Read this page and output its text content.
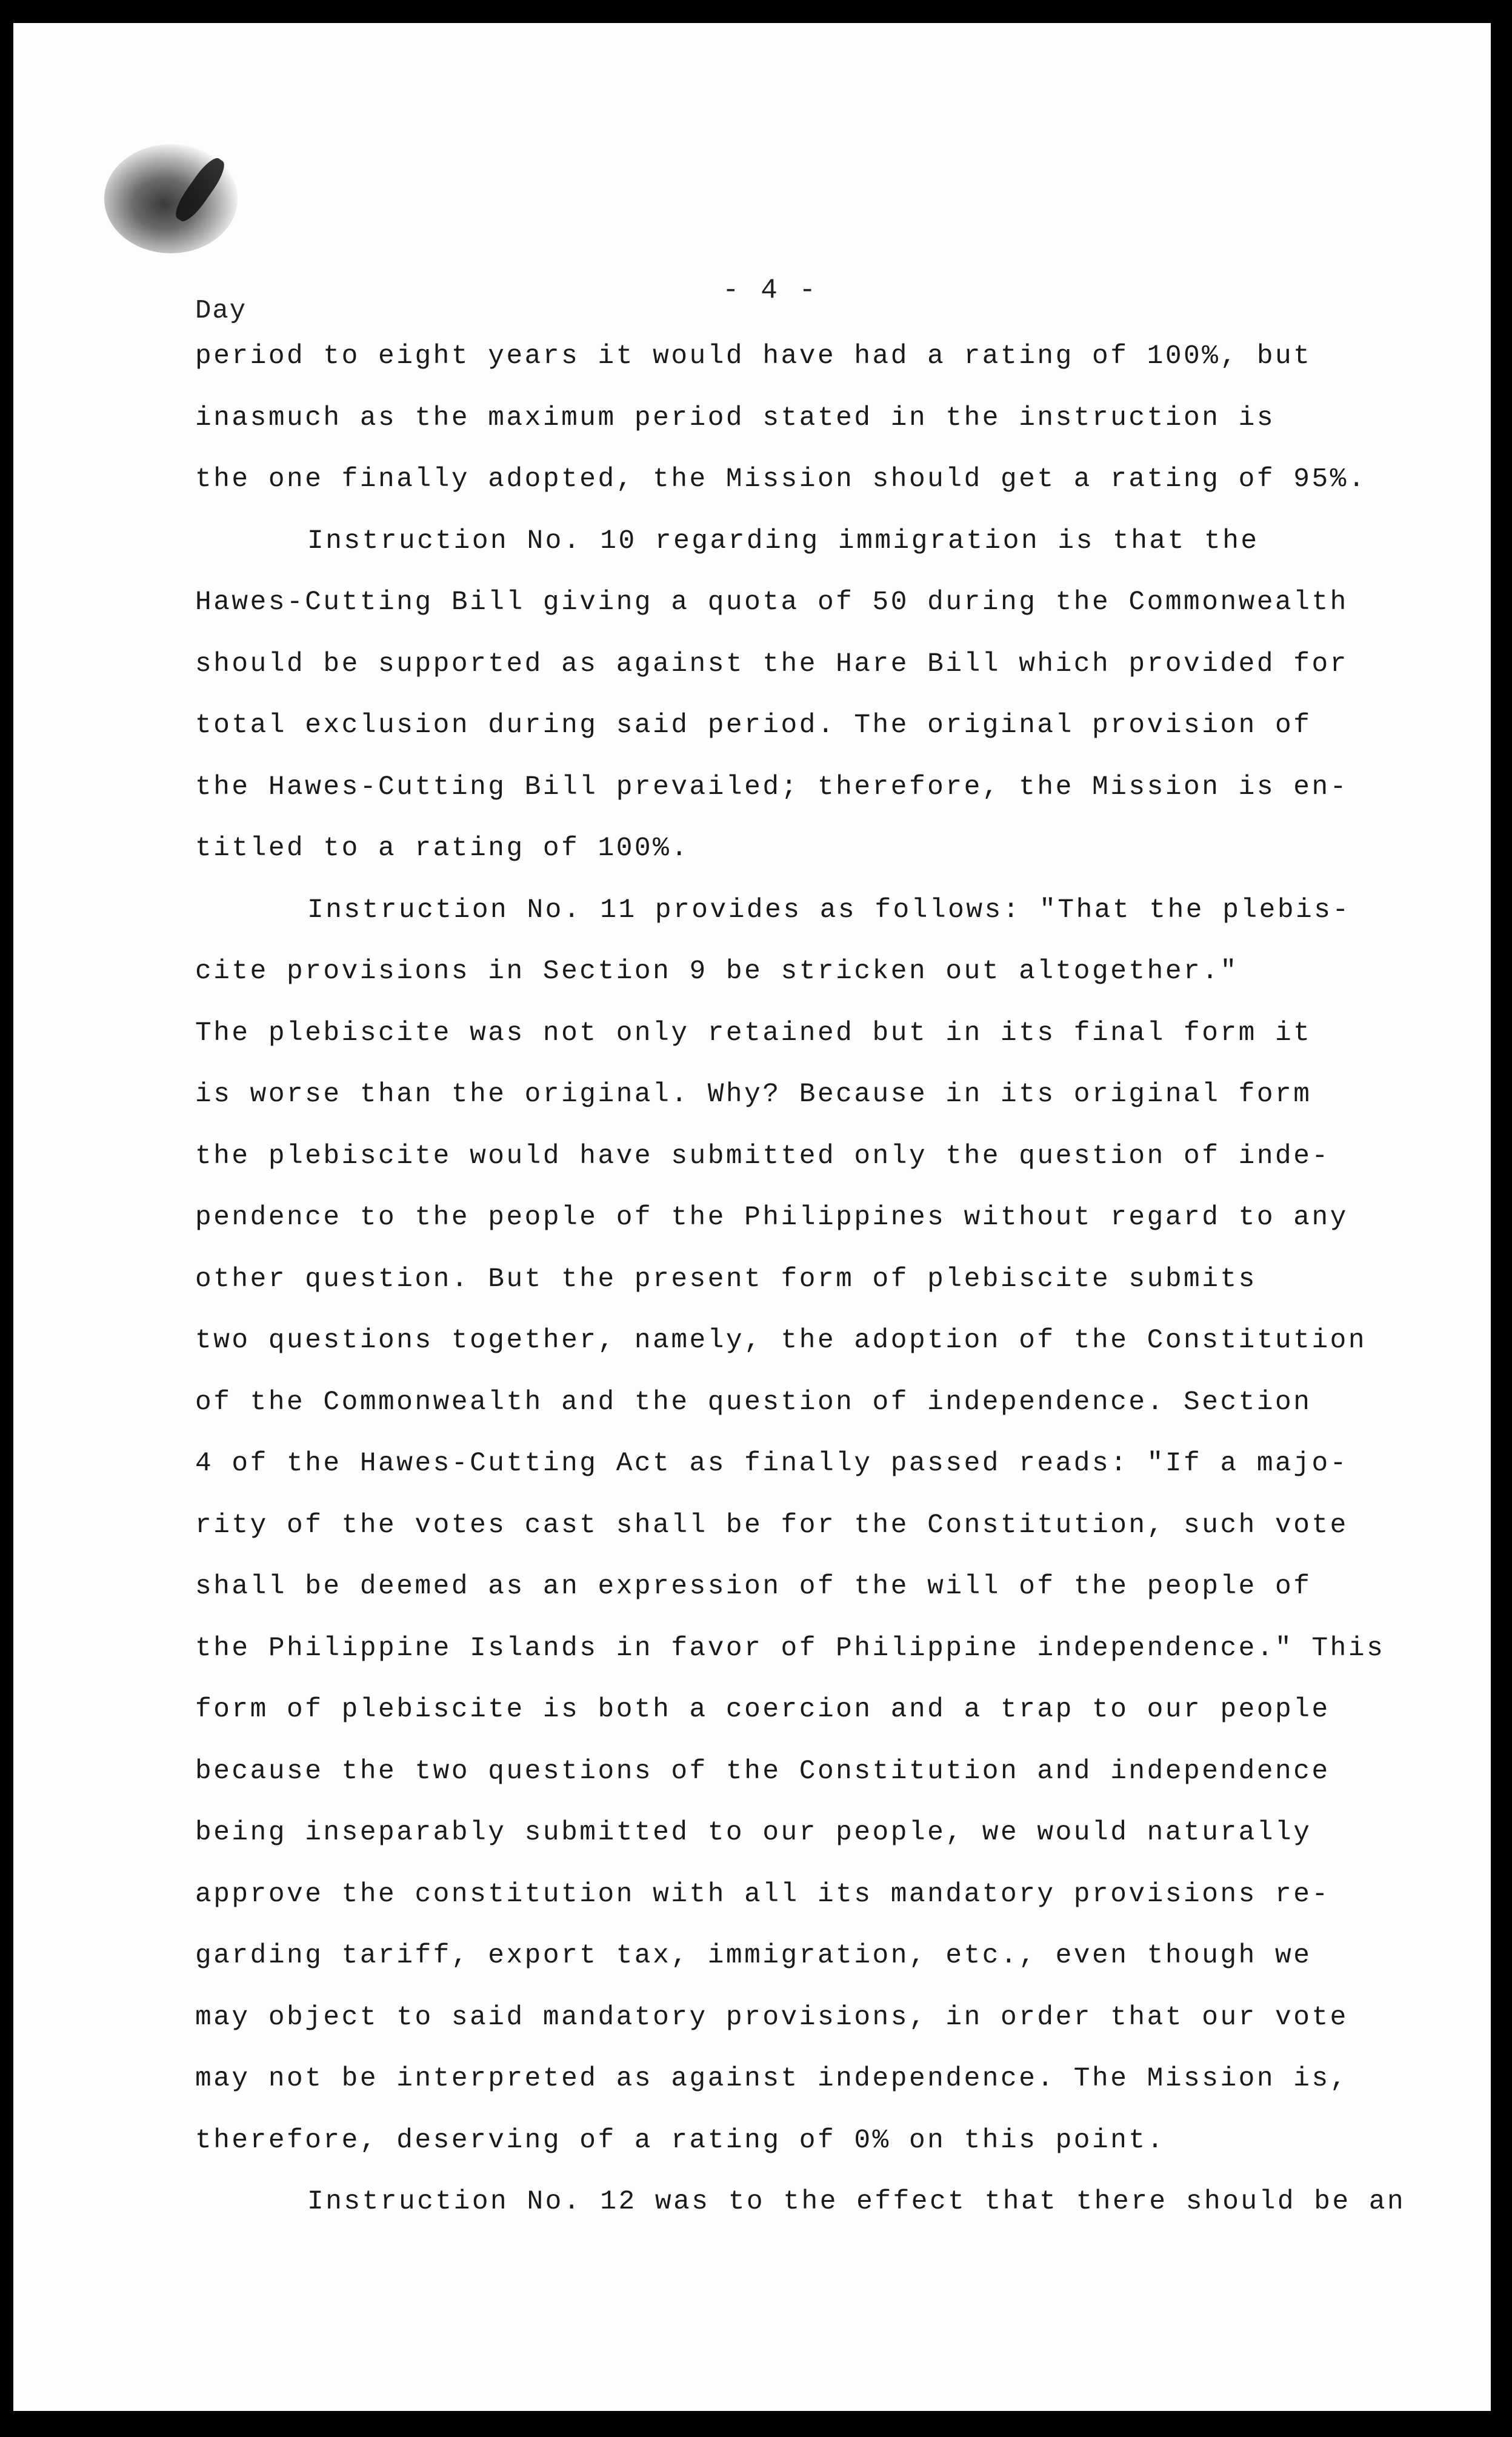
Day
- 4 -
period to eight years it would have had a rating of 100%, but
inasmuch as the maximum period stated in the instruction is
the one finally adopted, the Mission should get a rating of 95%.
Instruction No. 10 regarding immigration is that the
Hawes-Cutting Bill giving a quota of 50 during the Commonwealth
should be supported as against the Hare Bill which provided for
total exclusion during said period. The original provision of
the Hawes-Cutting Bill prevailed; therefore, the Mission is en-
titled to a rating of 100%.
Instruction No. 11 provides as follows: "That the plebis-
cite provisions in Section 9 be stricken out altogether."
The plebiscite was not only retained but in its final form it
is worse than the original. Why? Because in its original form
the plebiscite would have submitted only the question of inde-
pendence to the people of the Philippines without regard to any
other question. But the present form of plebiscite submits
two questions together, namely, the adoption of the Constitution
of the Commonwealth and the question of independence. Section
4 of the Hawes-Cutting Act as finally passed reads: "If a majo-
rity of the votes cast shall be for the Constitution, such vote
shall be deemed as an expression of the will of the people of
the Philippine Islands in favor of Philippine independence." This
form of plebiscite is both a coercion and a trap to our people
because the two questions of the Constitution and independence
being inseparably submitted to our people, we would naturally
approve the constitution with all its mandatory provisions re-
garding tariff, export tax, immigration, etc., even though we
may object to said mandatory provisions, in order that our vote
may not be interpreted as against independence. The Mission is,
therefore, deserving of a rating of 0% on this point.
Instruction No. 12 was to the effect that there should be an
